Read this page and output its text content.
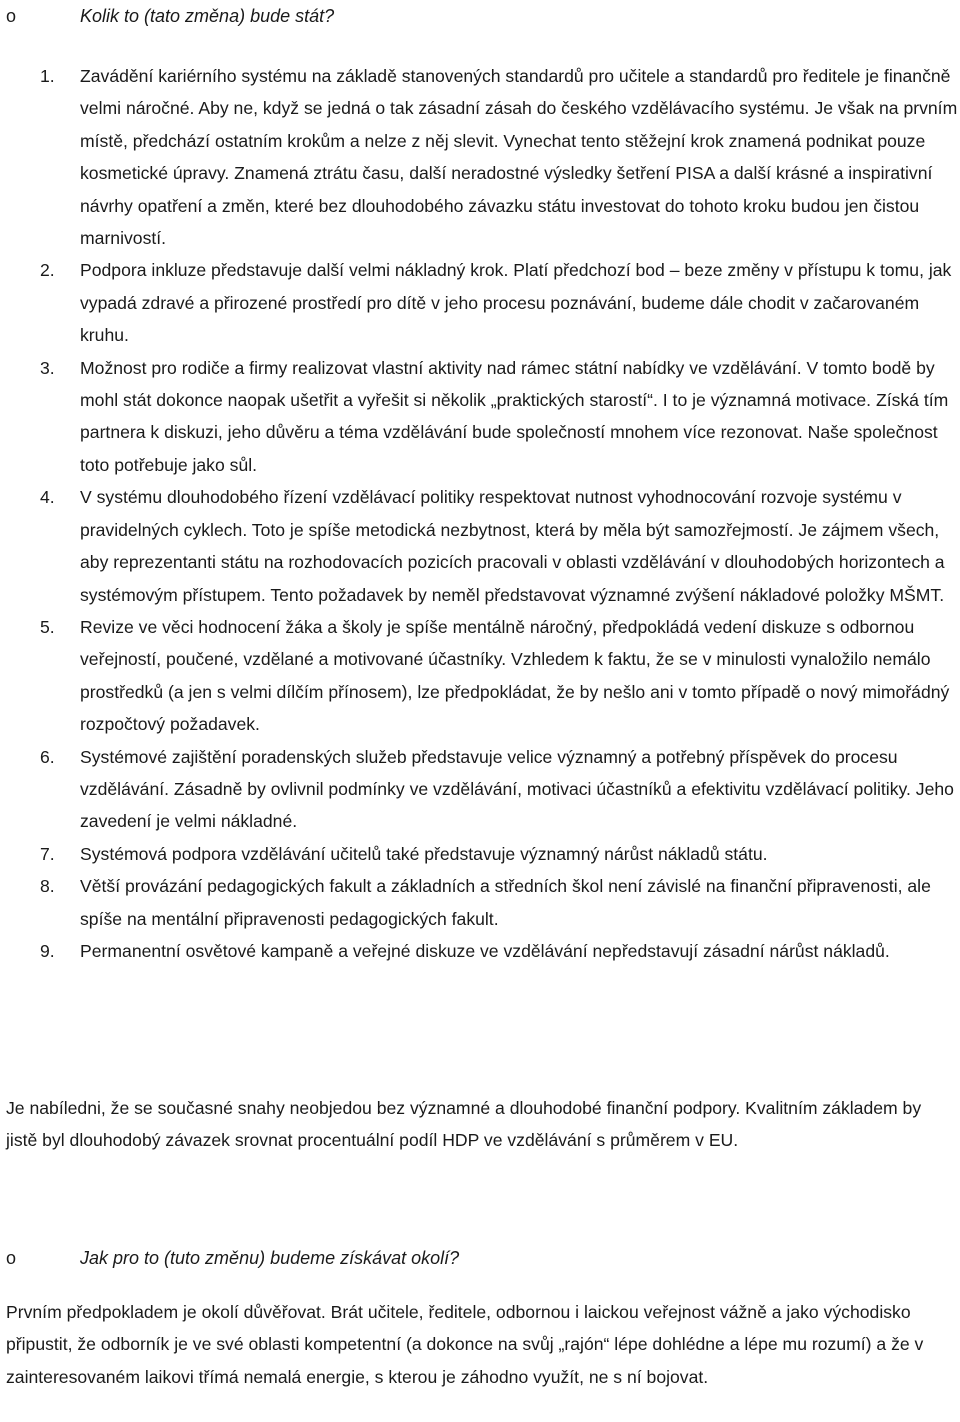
o	Kolik to (tato změna) bude stát?
1. Zavádění kariérního systému na základě stanovených standardů pro učitele a standardů pro ředitele je finančně velmi náročné. Aby ne, když se jedná o tak zásadní zásah do českého vzdělávacího systému. Je však na prvním místě, předchází ostatním krokům a nelze z něj slevit. Vynechat tento stěžejní krok znamená podnikat pouze kosmetické úpravy. Znamená ztrátu času, další neradostné výsledky šetření PISA a další krásné a inspirativní návrhy opatření a změn, které bez dlouhodobého závazku státu investovat do tohoto kroku budou jen čistou marnivostí.
2. Podpora inkluze představuje další velmi nákladný krok. Platí předchozí bod – beze změny v přístupu k tomu, jak vypadá zdravé a přirozené prostředí pro dítě v jeho procesu poznávání, budeme dále chodit v začarovaném kruhu.
3. Možnost pro rodiče a firmy realizovat vlastní aktivity nad rámec státní nabídky ve vzdělávání. V tomto bodě by mohl stát dokonce naopak ušetřit a vyřešit si několik „praktických starostí“. I to je významná motivace. Získá tím partnera k diskuzi, jeho důvěru a téma vzdělávání bude společností mnohem více rezonovat. Naše společnost toto potřebuje jako sůl.
4. V systému dlouhodobého řízení vzdělávací politiky respektovat nutnost vyhodnocování rozvoje systému v pravidelných cyklech. Toto je spíše metodická nezbytnost, která by měla být samozřejmostí. Je zájmem všech, aby reprezentanti státu na rozhodovacích pozicích pracovali v oblasti vzdělávání v dlouhodobých horizontech a systémovým přístupem. Tento požadavek by neměl představovat významné zvýšení nákladové položky MŠMT.
5. Revize ve věci hodnocení žáka a školy je spíše mentálně náročný, předpokládá vedení diskuze s odbornou veřejností, poučené, vzdělané a motivované účastníky. Vzhledem k faktu, že se v minulosti vynaložilo nemálo prostředků (a jen s velmi dílčím přínosem), lze předpokládat, že by nešlo ani v tomto případě o nový mimořádný rozpočtový požadavek.
6. Systémové zajištění poradenských služeb představuje velice významný a potřebný příspěvek do procesu vzdělávání. Zásadně by ovlivnil podmínky ve vzdělávání, motivaci účastníků a efektivitu vzdělávací politiky. Jeho zavedení je velmi nákladné.
7. Systémová podpora vzdělávání učitelů také představuje významný nárůst nákladů státu.
8. Větší provázání pedagogických fakult a základních a středních škol není závislé na finanční připravenosti, ale spíše na mentální připravenosti pedagogických fakult.
9. Permanentní osvětové kampaně a veřejné diskuze ve vzdělávání nepředstavují zásadní nárůst nákladů.
Je nabíledni, že se současné snahy neobjedou bez významné a dlouhodobé finanční podpory. Kvalitním základem by jistě byl dlouhodobý závazek srovnat procentuální podíl HDP ve vzdělávání s průměrem v EU.
o	Jak pro to (tuto změnu) budeme získávat okolí?
Prvním předpokladem je okolí důvěřovat. Brát učitele, ředitele, odbornou i laickou veřejnost vážně a jako východisko připustit, že odborník je ve své oblasti kompetentní (a dokonce na svůj „rajón“ lépe dohlédne a lépe mu rozumí) a že v zainteresovaném laikovi třímá nemalá energie, s kterou je záhodno využít, ne s ní bojovat.
